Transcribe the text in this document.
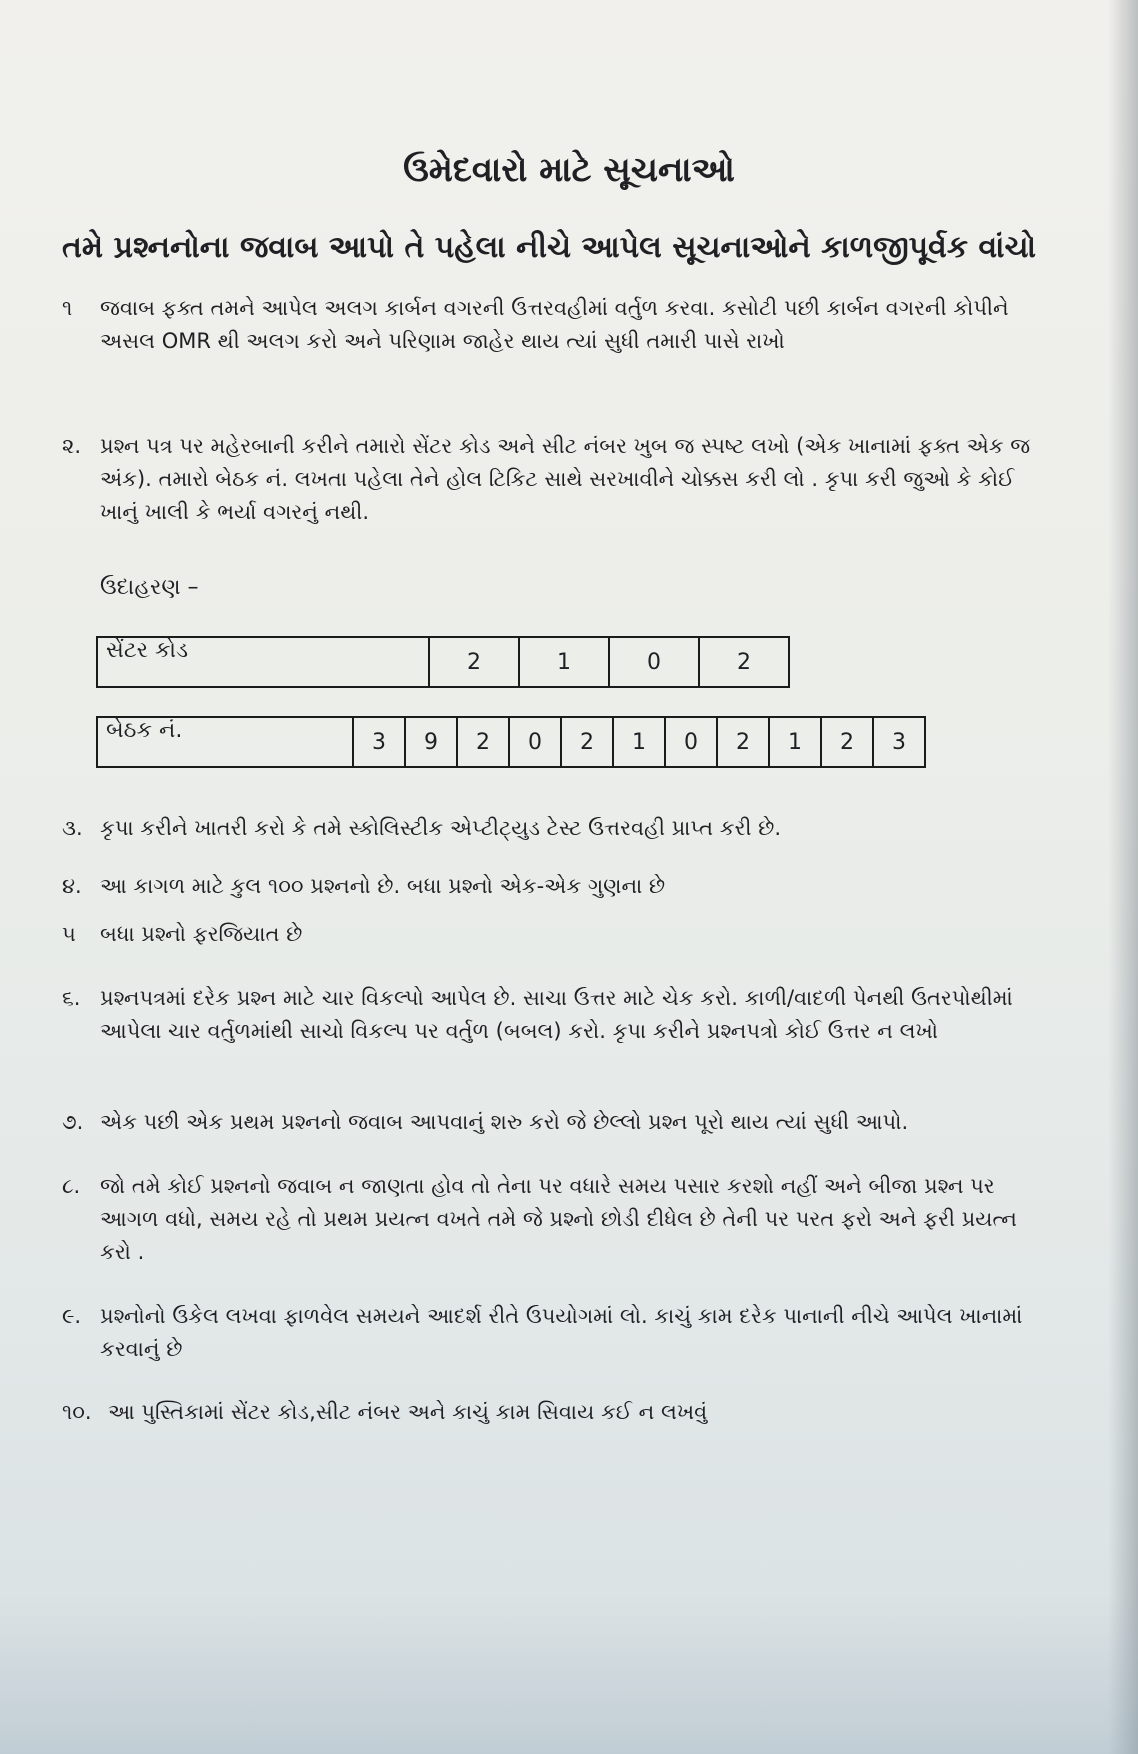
ઉમેદવારો માટે સૂચનાઓ
તમે પ્રશ્નનોના જવાબ આપો તે પહેલા નીચે આપેલ સૂચનાઓને કાળજીપૂર્વક વાંચો
૧	જવાબ ફક્ત તમને આપેલ અલગ કાર્બન વગરની ઉત્તરવહીમાં વર્તુળ કરવા. કસોટી પછી કાર્બન વગરની કોપીને અસલ OMR થી અલગ કરો અને પરિણામ જાહેર થાય ત્યાં સુધી તમારી પાસે રાખો
૨. પ્રશ્ન પત્ર પર મહેરબાની કરીને તમારો સેંટર કોડ અને સીટ નંબર ખુબ જ સ્પષ્ટ લખો (એક ખાનામાં ફક્ત એક જ અંક). તમારો બેઠક નં. લખતા પહેલા તેને હોલ ટિકિટ સાથે સરખાવીને ચોક્કસ કરી લો . કૃપા કરી જુઓ કે કોઈ ખાનું ખાલી કે ભર્યા વગરનું નથી.
ઉદાહરણ –
સેંટર કોડ	2	1	0	2
બેઠક નં.	3	9	2	0	2	1	0	2	1	2	3
૩. કૃપા કરીને ખાતરી કરો કે તમે સ્કોલિસ્ટીક એપ્ટીટ્યુડ ટેસ્ટ ઉત્તરવહી પ્રાપ્ત કરી છે.
૪. આ કાગળ માટે કુલ ૧૦૦ પ્રશ્નનો છે. બધા પ્રશ્નો એક-એક ગુણના છે
૫	બધા પ્રશ્નો ફરજિયાત છે
૬. પ્રશ્નપત્રમાં દરેક પ્રશ્ન માટે ચાર વિકલ્પો આપેલ છે. સાચા ઉત્તર માટે ચેક કરો. કાળી/વાદળી પેનથી ઉતરપોથીમાં આપેલા ચાર વર્તુળમાંથી સાચો વિકલ્પ પર વર્તુળ (બબલ) કરો. કૃપા કરીને પ્રશ્નપત્રો કોઈ ઉત્તર ન લખો
૭. એક પછી એક પ્રથમ પ્રશ્નનો જવાબ આપવાનું શરુ કરો જે છેલ્લો પ્રશ્ન પૂરો થાય ત્યાં સુધી આપો.
૮. જો તમે કોઈ પ્રશ્નનો જવાબ ન જાણતા હોવ તો તેના પર વધારે સમય પસાર કરશો નહીં અને બીજા પ્રશ્ન પર આગળ વધો, સમય રહે તો પ્રથમ પ્રયત્ન વખતે તમે જે પ્રશ્નો છોડી દીધેલ છે તેની પર પરત ફરો અને ફરી પ્રયત્ન કરો .
૯. પ્રશ્નોનો ઉકેલ લખવા ફાળવેલ સમયને આદર્શ રીતે ઉપયોગમાં લો. કાચું કામ દરેક પાનાની નીચે આપેલ ખાનામાં કરવાનું છે
૧૦. આ પુસ્તિકામાં સેંટર કોડ,સીટ નંબર અને કાચું કામ સિવાય કઈ ન લખવું
